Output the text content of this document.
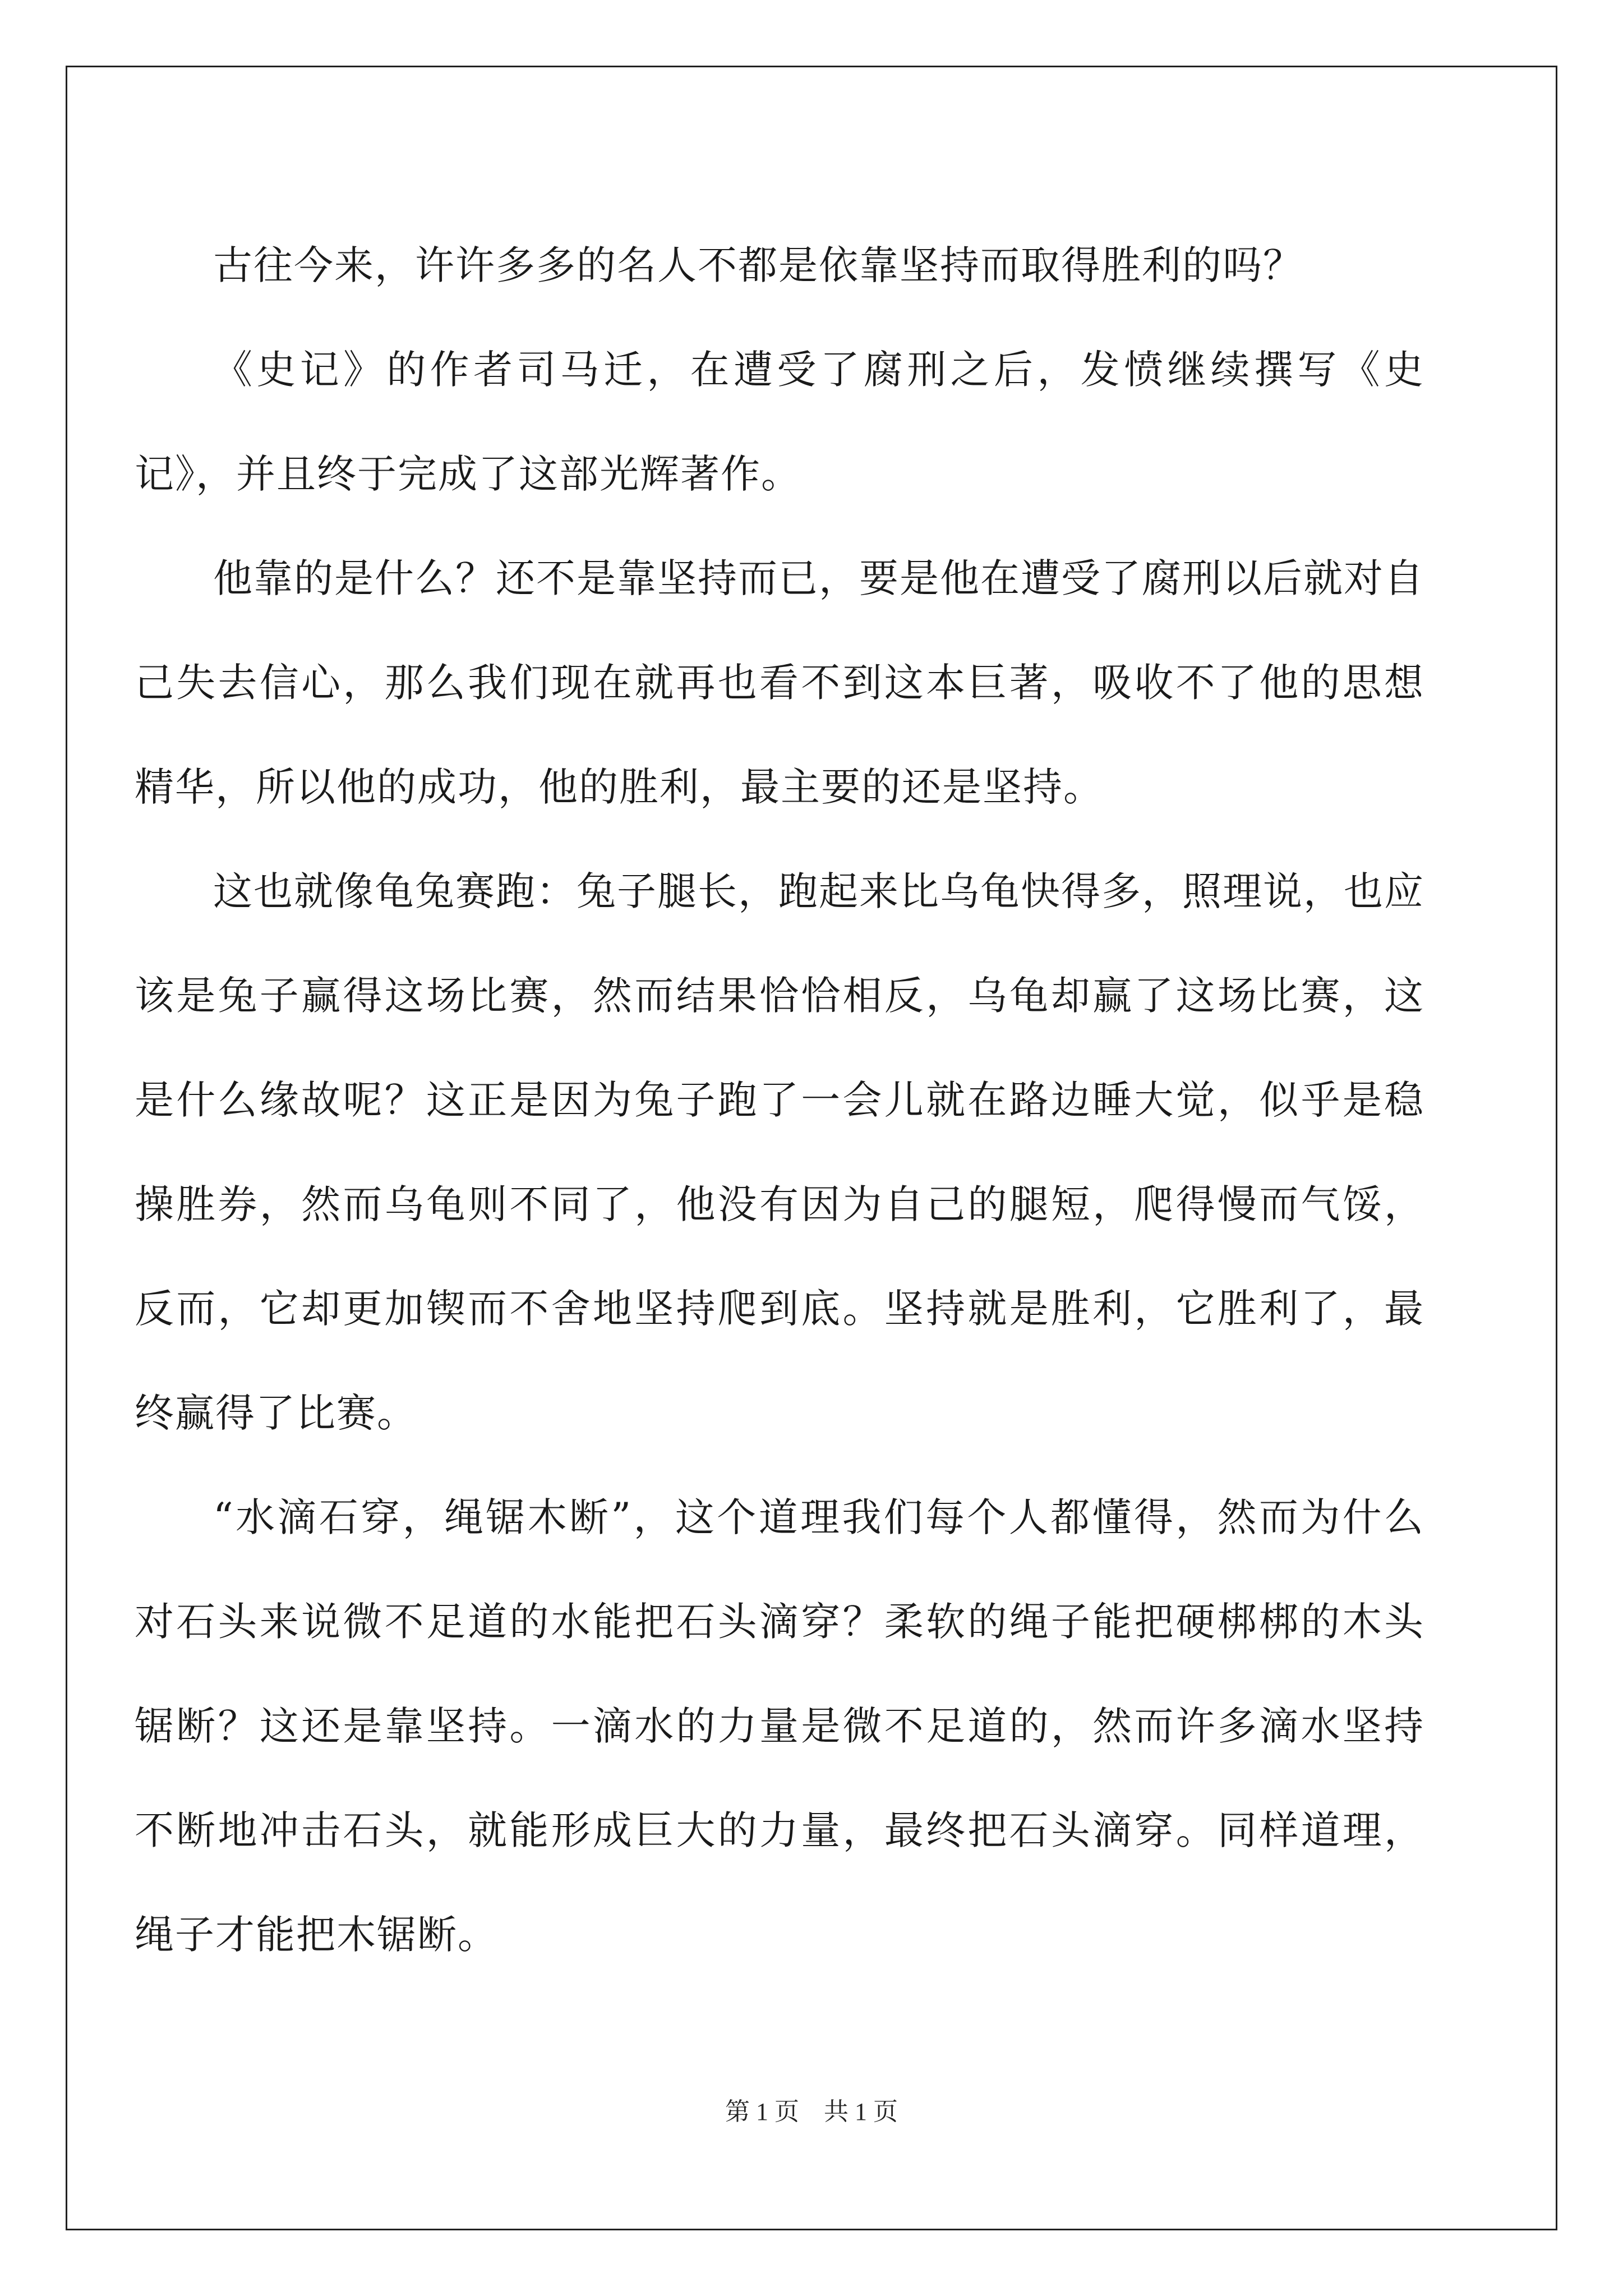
古往今来，许许多多的名人不都是依靠坚持而取得胜利的吗？

《史记》的作者司马迁，在遭受了腐刑之后，发愤继续撰写《史记》，并且终于完成了这部光辉著作。

他靠的是什么？还不是靠坚持而已，要是他在遭受了腐刑以后就对自己失去信心，那么我们现在就再也看不到这本巨著，吸收不了他的思想精华，所以他的成功，他的胜利，最主要的还是坚持。

这也就像龟兔赛跑：兔子腿长，跑起来比乌龟快得多，照理说，也应该是兔子赢得这场比赛，然而结果恰恰相反，乌龟却赢了这场比赛，这是什么缘故呢？这正是因为兔子跑了一会儿就在路边睡大觉，似乎是稳操胜券，然而乌龟则不同了，他没有因为自己的腿短，爬得慢而气馁，反而，它却更加锲而不舍地坚持爬到底。坚持就是胜利，它胜利了，最终赢得了比赛。

“水滴石穿，绳锯木断”，这个道理我们每个人都懂得，然而为什么对石头来说微不足道的水能把石头滴穿？柔软的绳子能把硬梆梆的木头锯断？这还是靠坚持。一滴水的力量是微不足道的，然而许多滴水坚持不断地冲击石头，就能形成巨大的力量，最终把石头滴穿。同样道理，绳子才能把木锯断。

第 1 页　共 1 页
